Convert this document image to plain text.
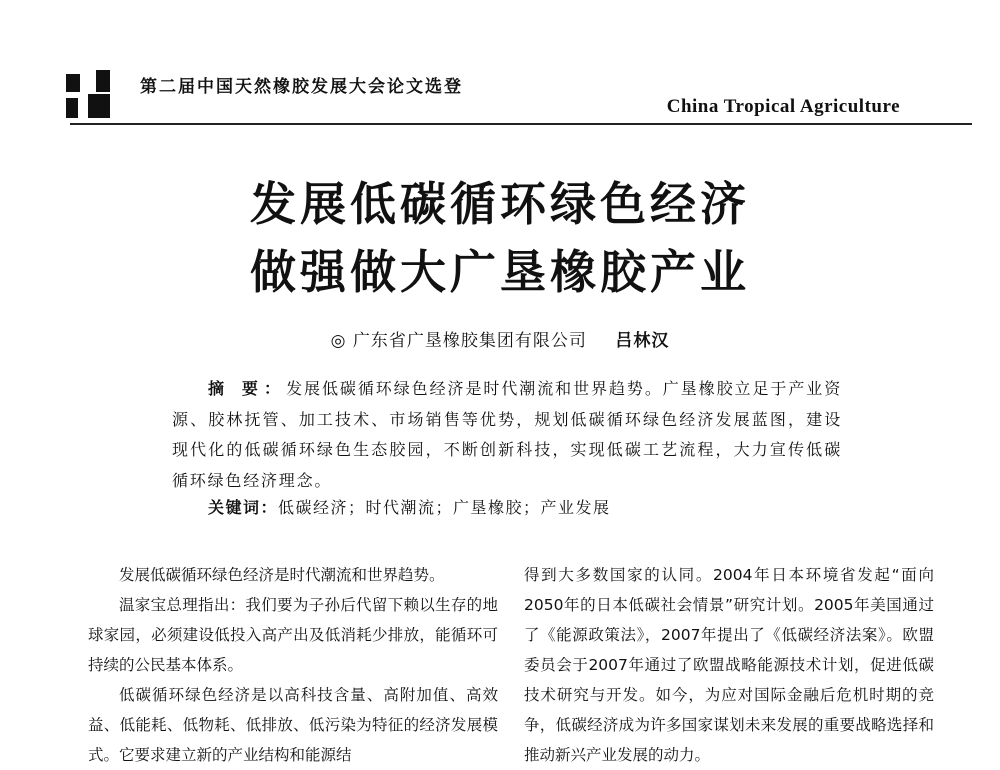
第二届中国天然橡胶发展大会论文选登
China Tropical Agriculture
发展低碳循环绿色经济
做强做大广垦橡胶产业
◎ 广东省广垦橡胶集团有限公司 吕林汉
摘 要：发展低碳循环绿色经济是时代潮流和世界趋势。广垦橡胶立足于产业资源、胶林抚管、加工技术、市场销售等优势，规划低碳循环绿色经济发展蓝图，建设现代化的低碳循环绿色生态胶园，不断创新科技，实现低碳工艺流程，大力宣传低碳循环绿色经济理念。
关键词：低碳经济；时代潮流；广垦橡胶；产业发展

发展低碳循环绿色经济是时代潮流和世界趋势。

温家宝总理指出：我们要为子孙后代留下赖以生存的地球家园，必须建设低投入高产出及低消耗少排放，能循环可持续的公民基本体系。

低碳循环绿色经济是以高科技含量、高附加值、高效益、低能耗、低物耗、低排放、低污染为特征的经济发展模式。它要求建立新的产业结构和能源结

得到大多数国家的认同。2004年日本环境省发起“面向2050年的日本低碳社会情景”研究计划。2005年美国通过了《能源政策法》，2007年提出了《低碳经济法案》。欧盟委员会于2007年通过了欧盟战略能源技术计划，促进低碳技术研究与开发。如今，为应对国际金融后危机时期的竞争，低碳经济成为许多国家谋划未来发展的重要战略选择和推动新兴产业发展的动力。
